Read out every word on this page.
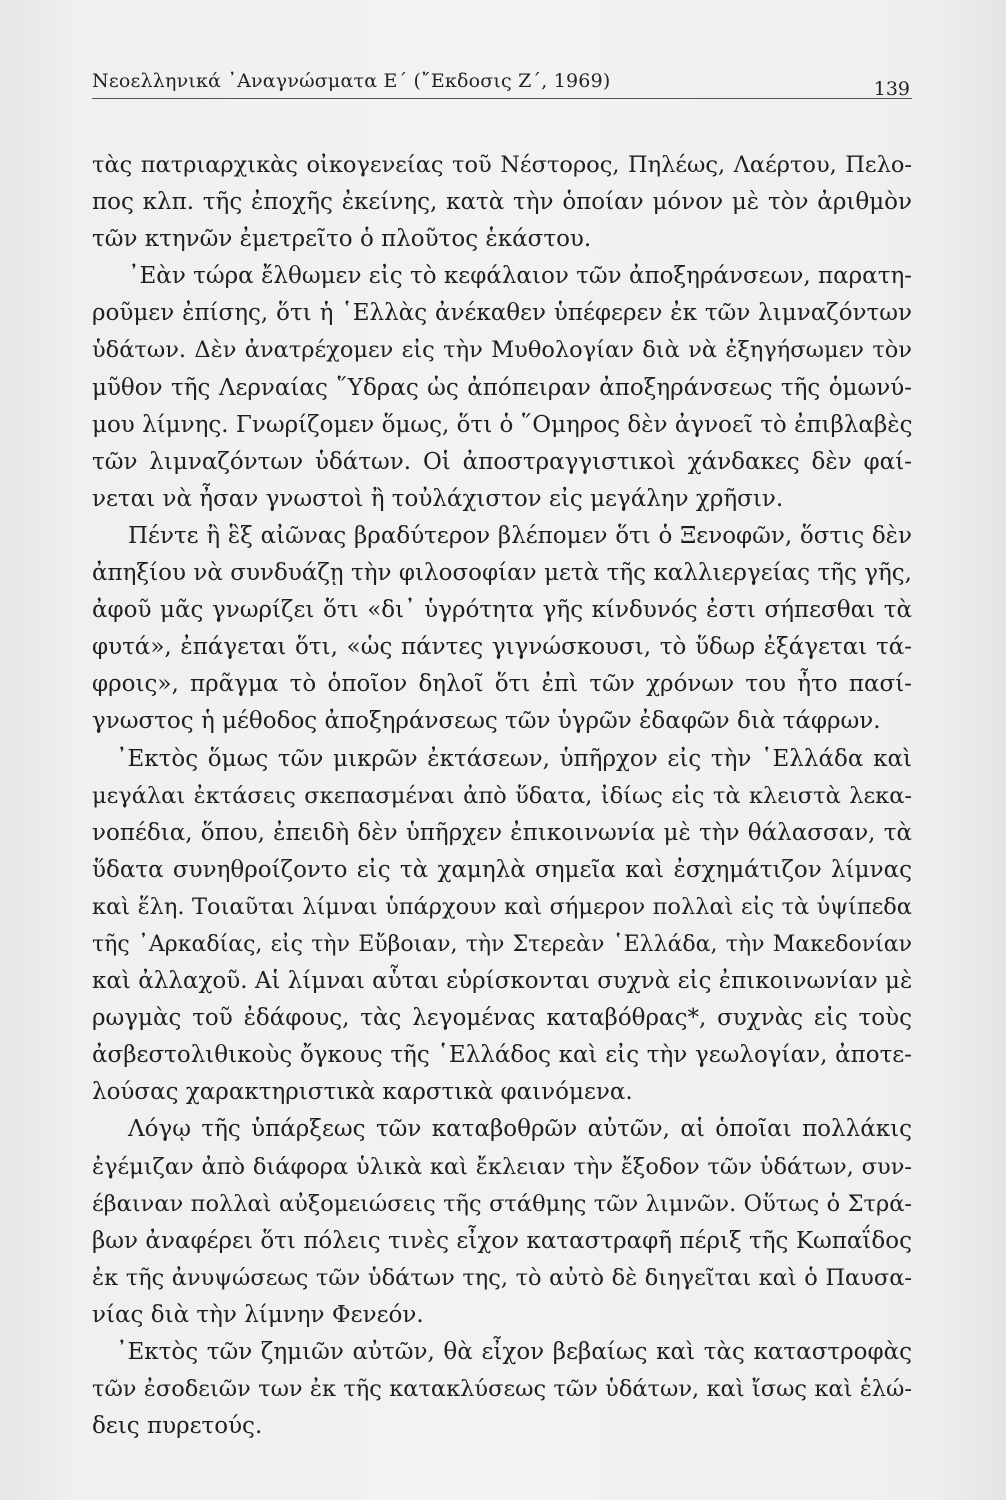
Νεοελληνικά ᾿Αναγνώσματα Ε΄ (῎Εκδοσις Ζ΄, 1969)	139
τὰς πατριαρχικὰς οἰκογενείας τοῦ Νέστορος, Πηλέως, Λαέρτου, Πελο-
πος κλπ. τῆς ἐποχῆς ἐκείνης, κατὰ τὴν ὁποίαν μόνον μὲ τὸν ἀριθμὸν
τῶν κτηνῶν ἐμετρεῖτο ὁ πλοῦτος ἑκάστου.
᾿Εὰν τώρα ἔλθωμεν εἰς τὸ κεφάλαιον τῶν ἀποξηράνσεων, παρατη-
ροῦμεν ἐπίσης, ὅτι ἡ ῾Ελλὰς ἀνέκαθεν ὑπέφερεν ἐκ τῶν λιμναζόντων
ὑδάτων. Δὲν ἀνατρέχομεν εἰς τὴν Μυθολογίαν διὰ νὰ ἐξηγήσωμεν τὸν
μῦθον τῆς Λερναίας ῞Υδρας ὡς ἀπόπειραν ἀποξηράνσεως τῆς ὁμωνύ-
μου λίμνης. Γνωρίζομεν ὅμως, ὅτι ὁ ῞Ομηρος δὲν ἀγνοεῖ τὸ ἐπιβλαβὲς
τῶν λιμναζόντων ὑδάτων. Οἱ ἀποστραγγιστικοὶ χάνδακες δὲν φαί-
νεται νὰ ἦσαν γνωστοὶ ἢ τοὐλάχιστον εἰς μεγάλην χρῆσιν.
Πέντε ἢ ἓξ αἰῶνας βραδύτερον βλέπομεν ὅτι ὁ Ξενοφῶν, ὅστις δὲν
ἀπηξίου νὰ συνδυάζῃ τὴν φιλοσοφίαν μετὰ τῆς καλλιεργείας τῆς γῆς,
ἀφοῦ μᾶς γνωρίζει ὅτι «δι᾿ ὑγρότητα γῆς κίνδυνός ἐστι σήπεσθαι τὰ
φυτά», ἐπάγεται ὅτι, «ὡς πάντες γιγνώσκουσι, τὸ ὕδωρ ἐξάγεται τά-
φροις», πρᾶγμα τὸ ὁποῖον δηλοῖ ὅτι ἐπὶ τῶν χρόνων του ἦτο πασί-
γνωστος ἡ μέθοδος ἀποξηράνσεως τῶν ὑγρῶν ἐδαφῶν διὰ τάφρων.
᾿Εκτὸς ὅμως τῶν μικρῶν ἐκτάσεων, ὑπῆρχον εἰς τὴν ῾Ελλάδα καὶ
μεγάλαι ἐκτάσεις σκεπασμέναι ἀπὸ ὕδατα, ἰδίως εἰς τὰ κλειστὰ λεκα-
νοπέδια, ὅπου, ἐπειδὴ δὲν ὑπῆρχεν ἐπικοινωνία μὲ τὴν θάλασσαν, τὰ
ὕδατα συνηθροίζοντο εἰς τὰ χαμηλὰ σημεῖα καὶ ἐσχημάτιζον λίμνας
καὶ ἕλη. Τοιαῦται λίμναι ὑπάρχουν καὶ σήμερον πολλαὶ εἰς τὰ ὑψίπεδα
τῆς ᾿Αρκαδίας, εἰς τὴν Εὔβοιαν, τὴν Στερεὰν ῾Ελλάδα, τὴν Μακεδονίαν
καὶ ἀλλαχοῦ. Αἱ λίμναι αὗται εὑρίσκονται συχνὰ εἰς ἐπικοινωνίαν μὲ
ρωγμὰς τοῦ ἐδάφους, τὰς λεγομένας καταβόθρας*, συχνὰς εἰς τοὺς
ἀσβεστολιθικοὺς ὄγκους τῆς ῾Ελλάδος καὶ εἰς τὴν γεωλογίαν, ἀποτε-
λούσας χαρακτηριστικὰ καρστικὰ φαινόμενα.
Λόγῳ τῆς ὑπάρξεως τῶν καταβοθρῶν αὐτῶν, αἱ ὁποῖαι πολλάκις
ἐγέμιζαν ἀπὸ διάφορα ὑλικὰ καὶ ἔκλειαν τὴν ἔξοδον τῶν ὑδάτων, συν-
έβαιναν πολλαὶ αὐξομειώσεις τῆς στάθμης τῶν λιμνῶν. Οὕτως ὁ Στρά-
βων ἀναφέρει ὅτι πόλεις τινὲς εἶχον καταστραφῆ πέριξ τῆς Κωπαΐδος
ἐκ τῆς ἀνυψώσεως τῶν ὑδάτων της, τὸ αὐτὸ δὲ διηγεῖται καὶ ὁ Παυσα-
νίας διὰ τὴν λίμνην Φενεόν.
᾿Εκτὸς τῶν ζημιῶν αὐτῶν, θὰ εἶχον βεβαίως καὶ τὰς καταστροφὰς
τῶν ἐσοδειῶν των ἐκ τῆς κατακλύσεως τῶν ὑδάτων, καὶ ἴσως καὶ ἑλώ-
δεις πυρετούς.
